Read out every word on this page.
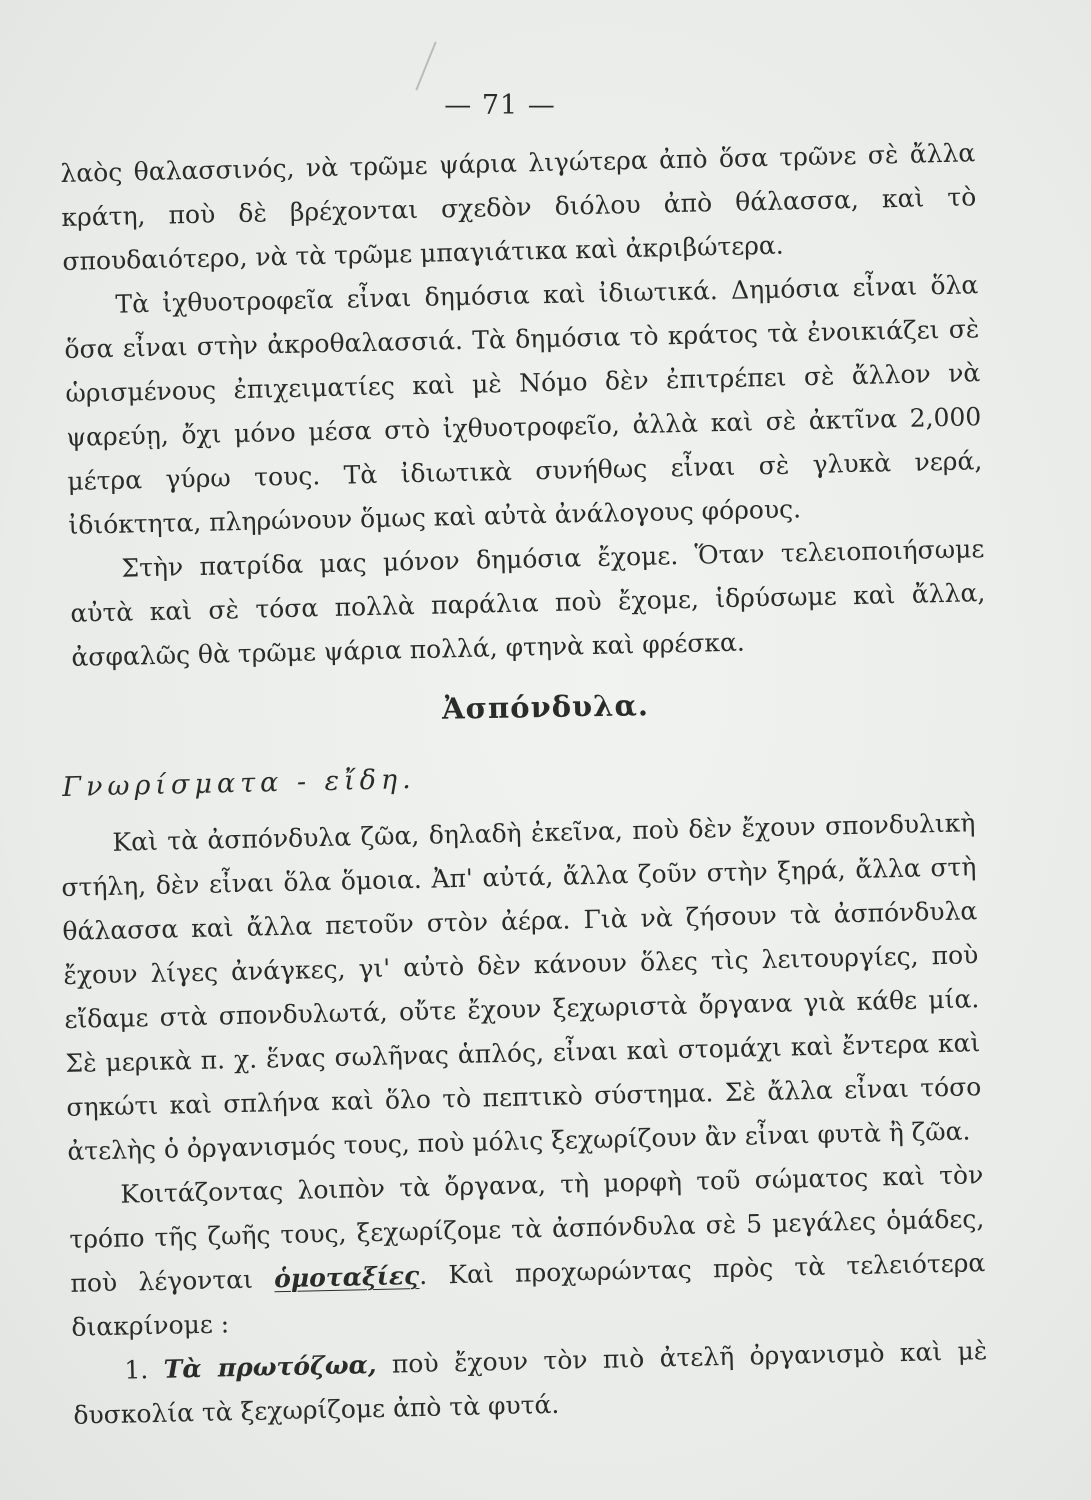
— 71 —

λαὸς θαλασσινός, νὰ τρῶμε ψάρια λιγώτερα ἀπὸ ὅσα τρῶνε σὲ ἄλλα κράτη, ποὺ δὲ βρέχονται σχεδὸν διόλου ἀπὸ θάλασσα, καὶ τὸ σπουδαιότερο, νὰ τὰ τρῶμε μπαγιάτικα καὶ ἀκριβώτερα.

Τὰ ἰχθυοτροφεῖα εἶναι δημόσια καὶ ἰδιωτικά. Δημόσια εἶναι ὅλα ὅσα εἶναι στὴν ἀκροθαλασσιά. Τὰ δημόσια τὸ κράτος τὰ ἐνοικιάζει σὲ ὡρισμένους ἐπιχειματίες καὶ μὲ Νόμο δὲν ἐπιτρέπει σὲ ἄλλον νὰ ψαρεύῃ, ὄχι μόνο μέσα στὸ ἰχθυοτροφεῖο, ἀλλὰ καὶ σὲ ἀκτῖνα 2,000 μέτρα γύρω τους. Τὰ ἰδιωτικὰ συνήθως εἶναι σὲ γλυκὰ νερά, ἰδιόκτητα, πληρώνουν ὅμως καὶ αὐτὰ ἀνάλογους φόρους.

Στὴν πατρίδα μας μόνον δημόσια ἔχομε. Ὅταν τελειοποιήσωμε αὐτὰ καὶ σὲ τόσα πολλὰ παράλια ποὺ ἔχομε, ἱδρύσωμε καὶ ἄλλα, ἀσφαλῶς θὰ τρῶμε ψάρια πολλά, φτηνὰ καὶ φρέσκα.

Ἀσπόνδυλα.
Γνωρίσματα - εἴδη.

Καὶ τὰ ἀσπόνδυλα ζῶα, δηλαδὴ ἐκεῖνα, ποὺ δὲν ἔχουν σπονδυλικὴ στήλη, δὲν εἶναι ὅλα ὅμοια. Ἀπ' αὐτά, ἄλλα ζοῦν στὴν ξηρά, ἄλλα στὴ θάλασσα καὶ ἄλλα πετοῦν στὸν ἀέρα. Γιὰ νὰ ζήσουν τὰ ἀσπόνδυλα ἔχουν λίγες ἀνάγκες, γι' αὐτὸ δὲν κάνουν ὅλες τὶς λειτουργίες, ποὺ εἴδαμε στὰ σπονδυλωτά, οὔτε ἔχουν ξεχωριστὰ ὄργανα γιὰ κάθε μία. Σὲ μερικὰ π. χ. ἕνας σωλῆνας ἁπλός, εἶναι καὶ στομάχι καὶ ἔντερα καὶ σηκώτι καὶ σπλήνα καὶ ὅλο τὸ πεπτικὸ σύστημα. Σὲ ἄλλα εἶναι τόσο ἀτελὴς ὁ ὀργανισμός τους, ποὺ μόλις ξεχωρίζουν ἂν εἶναι φυτὰ ἢ ζῶα.

Κοιτάζοντας λοιπὸν τὰ ὄργανα, τὴ μορφὴ τοῦ σώματος καὶ τὸν τρόπο τῆς ζωῆς τους, ξεχωρίζομε τὰ ἀσπόνδυλα σὲ 5 μεγάλες ὁμάδες, ποὺ λέγονται ὁμοταξίες. Καὶ προχωρώντας πρὸς τὰ τελειότερα διακρίνομε :

1. Τὰ πρωτόζωα, ποὺ ἔχουν τὸν πιὸ ἀτελῆ ὀργανισμὸ καὶ μὲ δυσκολία τὰ ξεχωρίζομε ἀπὸ τὰ φυτά.
